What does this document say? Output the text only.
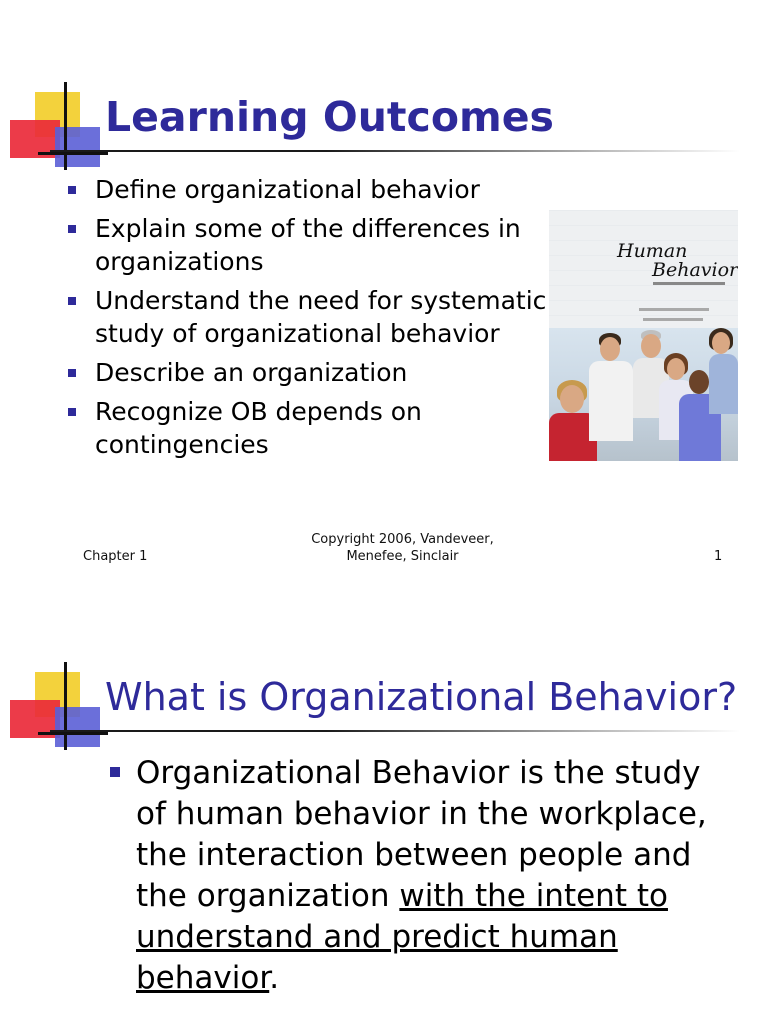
Learning Outcomes
Define organizational behavior
Explain some of the differences in organizations
Understand the need for systematic study of organizational behavior
Describe an organization
Recognize OB depends on contingencies
Human
Behavior
Chapter 1
Copyright 2006, Vandeveer,
Menefee, Sinclair	1
What is Organizational Behavior?
Organizational Behavior is the study of human behavior in the workplace, the interaction between people and the organization with the intent to understand and predict human behavior.
